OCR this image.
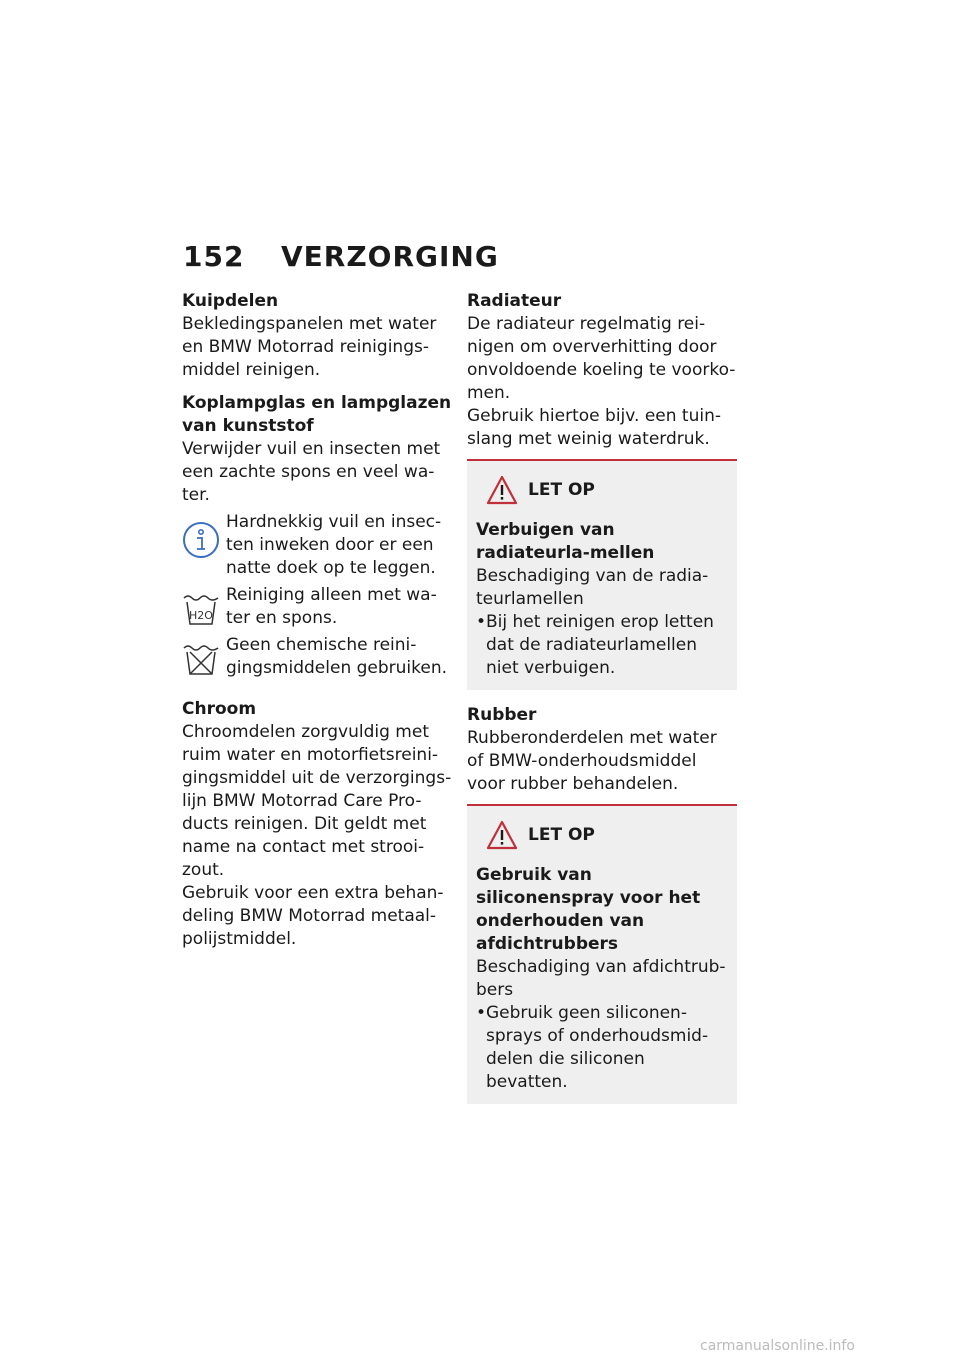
152 VERZORGING
Kuipdelen
Bekledingspanelen met water en BMW Motorrad reinigings-middel reinigen.
Koplampglas en lampglazen
van kunststof
Verwijder vuil en insecten met een zachte spons en veel wa-ter.
Hardnekkig vuil en insec-ten inweken door er een natte doek op te leggen.
H2O
Reiniging alleen met wa-ter en spons.
Geen chemische reini-gingsmiddelen gebruiken.
Chroom
Chroomdelen zorgvuldig met ruim water en motorfietsreini-gingsmiddel uit de verzorgings-lijn BMW Motorrad Care Pro-ducts reinigen. Dit geldt met name na contact met strooi-zout.
Gebruik voor een extra behan-deling BMW Motorrad metaal-polijstmiddel.
Radiateur
De radiateur regelmatig rei-nigen om oververhitting door onvoldoende koeling te voorko-men.
Gebruik hiertoe bijv. een tuin-slang met weinig waterdruk.
LET OP
Verbuigen van radiateurla-mellen
Beschadiging van de radia-teurlamellen
• Bij het reinigen erop letten dat de radiateurlamellen niet verbuigen.
Rubber
Rubberonderdelen met water of BMW-onderhoudsmiddel voor rubber behandelen.
LET OP
Gebruik van siliconenspray voor het onderhouden van afdichtrubbers
Beschadiging van afdichtrub-bers
• Gebruik geen siliconen-sprays of onderhoudsmid-delen die siliconen bevatten.
carmanualsonline.info
